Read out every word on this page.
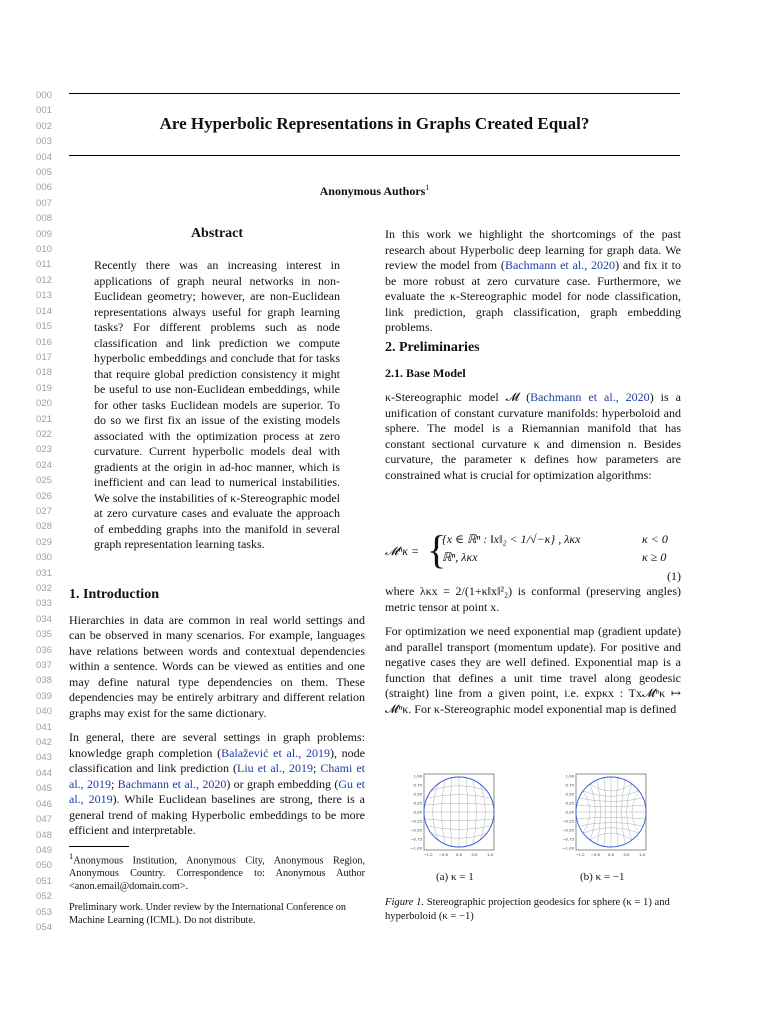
000
001
002
003
004
005
006
007
008
009
010
011
012
013
014
015
016
017
018
019
020
021
022
023
024
025
026
027
028
029
030
031
032
033
034
035
036
037
038
039
040
041
042
043
044
045
046
047
048
049
050
051
052
053
054
Are Hyperbolic Representations in Graphs Created Equal?
Anonymous Authors$^1$
Abstract
Recently there was an increasing interest in applications of graph neural networks in non-Euclidean geometry; however, are non-Euclidean representations always useful for graph learning tasks? For different problems such as node classification and link prediction we compute hyperbolic embeddings and conclude that for tasks that require global prediction consistency it might be useful to use non-Euclidean embeddings, while for other tasks Euclidean models are superior. To do so we first fix an issue of the existing models associated with the optimization process at zero curvature. Current hyperbolic models deal with gradients at the origin in ad-hoc manner, which is inefficient and can lead to numerical instabilities. We solve the instabilities of κ-Stereographic model at zero curvature cases and evaluate the approach of embedding graphs into the manifold in several graph representation learning tasks.
1. Introduction

Hierarchies in data are common in real world settings and can be observed in many scenarios. For example, languages have relations between words and contextual dependencies within a sentence. Words can be viewed as entities and one may define natural type dependencies on them. These dependencies may be entirely arbitrary and different relation graphs may exist for the same dictionary.

In general, there are several settings in graph problems: knowledge graph completion (Balažević et al., 2019), node classification and link prediction (Liu et al., 2019; Chami et al., 2019; Bachmann et al., 2020) or graph embedding (Gu et al., 2019). While Euclidean baselines are strong, there is a general trend of making Hyperbolic embeddings to be more efficient and interpretable.

$^1$Anonymous Institution, Anonymous City, Anonymous Region, Anonymous Country. Correspondence to: Anonymous Author <anon.email@domain.com>.
Preliminary work. Under review by the International Conference on Machine Learning (ICML). Do not distribute.

In this work we highlight the shortcomings of the past research about Hyperbolic deep learning for graph data. We review the model from (Bachmann et al., 2020) and fix it to be more robust at zero curvature case. Furthermore, we evaluate the κ-Stereographic model for node classification, link prediction, graph classification, graph embedding problems.

2. Preliminaries
2.1. Base Model

κ-Stereographic model 𝓜 (Bachmann et al., 2020) is a unification of constant curvature manifolds: hyperboloid and sphere. The model is a Riemannian manifold that has constant sectional curvature κ and dimension n. Besides curvature, the parameter κ defines how parameters are constrained what is crucial for optimization algorithms:

𝓜ⁿκ = {
{x ∈ ℝⁿ : ‖x‖₂ < 1/√−κ} , λκx
ℝⁿ, λκx
κ < 0
κ ≥ 0
(1)

where λκx = 2/(1+κ‖x‖²₂) is conformal (preserving angles) metric tensor at point x.

For optimization we need exponential map (gradient update) and parallel transport (momentum update). For positive and negative cases they are well defined. Exponential map is a function that defines a unit time travel along geodesic (straight) line from a given point, i.e. expκx : Tx𝓜ⁿκ ↦ 𝓜ⁿκ. For κ-Stereographic model exponential map is defined

1.00
0.75
0.50
0.25
0.00
−0.25
−0.50
−0.75
−1.00
−1.0 −0.5 0.0 0.5 1.0
1.00
0.75
0.50
0.25
0.00
−0.25
−0.50
−0.75
−1.00
−1.0 −0.5 0.0 0.5 1.0
(a) κ = 1	(b) κ = −1
Figure 1. Stereographic projection geodesics for sphere (κ = 1) and hyperboloid (κ = −1)
